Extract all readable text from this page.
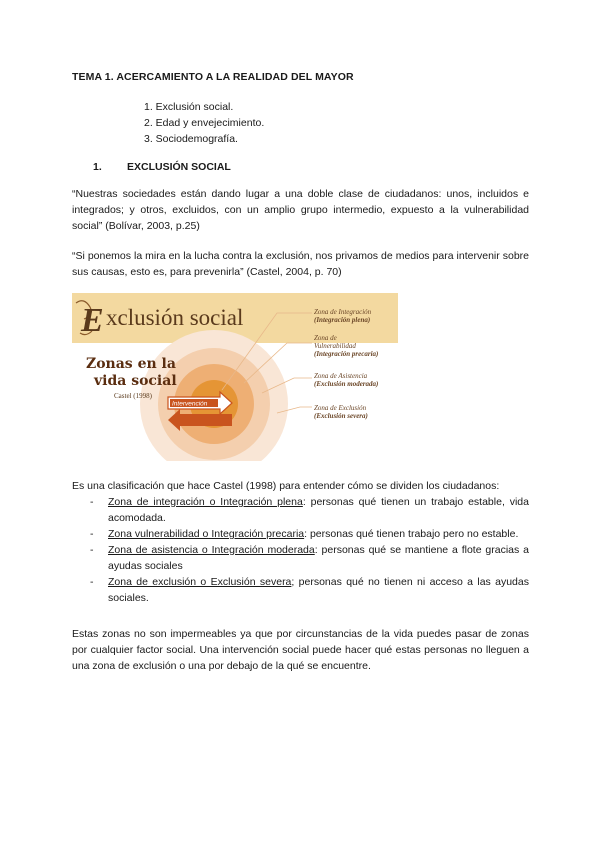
TEMA 1. ACERCAMIENTO A LA REALIDAD DEL MAYOR
1. Exclusión social.
2. Edad y envejecimiento.
3. Sociodemografía.
1. EXCLUSIÓN SOCIAL

“Nuestras sociedades están dando lugar a una doble clase de ciudadanos: unos, incluidos e integrados; y otros, excluidos, con un amplio grupo intermedio, expuesto a la vulnerabilidad social” (Bolívar, 2003, p.25)

“Si ponemos la mira en la lucha contra la exclusión, nos privamos de medios para intervenir sobre sus causas, esto es, para prevenirla” (Castel, 2004, p. 70)

E xclusión social
Zonas en la
vida social
Castel (1998)
Intervención
Zona de Integración
(Integración plena)
Zona de
Vulnerabilidad
(Integración precaria)
Zona de Asistencia
(Exclusión moderada)
Zona de Exclusión
(Exclusión severa)

Es una clasificación que hace Castel (1998) para entender cómo se dividen los ciudadanos:

- Zona de integración o Integración plena: personas qué tienen un trabajo estable, vida acomodada.
- Zona vulnerabilidad o Integración precaria: personas qué tienen trabajo pero no estable.
- Zona de asistencia o Integración moderada: personas qué se mantiene a flote gracias a ayudas sociales
- Zona de exclusión o Exclusión severa; personas qué no tienen ni acceso a las ayudas sociales.

Estas zonas no son impermeables ya que por circunstancias de la vida puedes pasar de zonas por cualquier factor social. Una intervención social puede hacer qué estas personas no lleguen a una zona de exclusión o una por debajo de la qué se encuentre.
